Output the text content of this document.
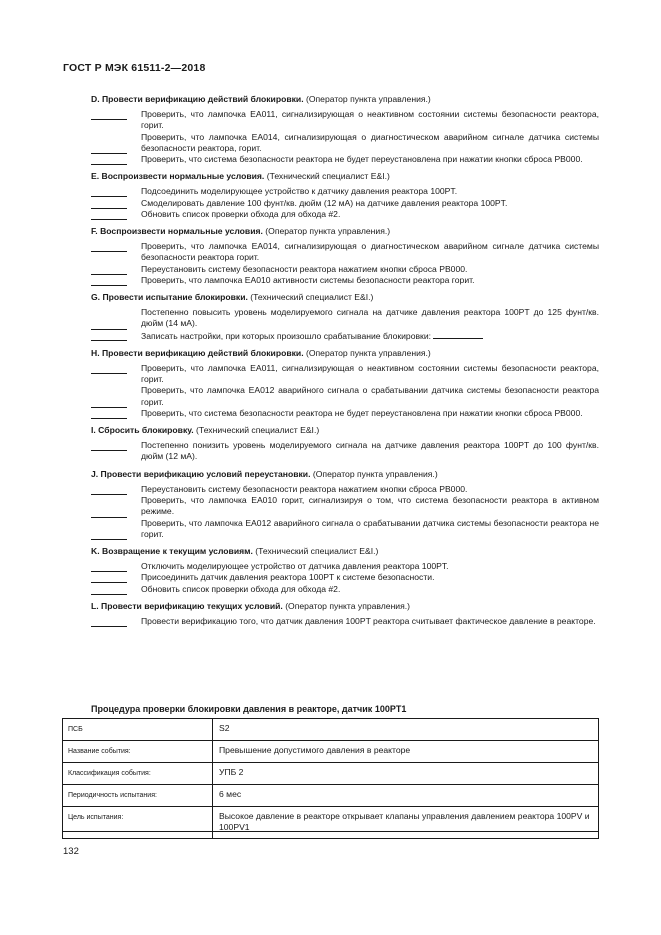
ГОСТ Р МЭК 61511-2—2018
D. Провести верификацию действий блокировки. (Оператор пункта управления.)
Проверить, что лампочка ЕА011, сигнализирующая о неактивном состоянии системы безопасности реактора, горит.
Проверить, что лампочка ЕА014, сигнализирующая о диагностическом аварийном сигнале датчика системы безопасности реактора, горит.
Проверить, что система безопасности реактора не будет переустановлена при нажатии кнопки сброса РВ000.
E. Воспроизвести нормальные условия. (Технический специалист E&I.)
Подсоединить моделирующее устройство к датчику давления реактора 100PT.
Смоделировать давление 100 фунт/кв. дюйм (12 мА) на датчике давления реактора 100PT.
Обновить список проверки обхода для обхода #2.
F. Воспроизвести нормальные условия. (Оператор пункта управления.)
Проверить, что лампочка ЕА014, сигнализирующая о диагностическом аварийном сигнале датчика системы безопасности реактора горит.
Переустановить систему безопасности реактора нажатием кнопки сброса РВ000.
Проверить, что лампочка ЕА010 активности системы безопасности реактора горит.
G. Провести испытание блокировки. (Технический специалист E&I.)
Постепенно повысить уровень моделируемого сигнала на датчике давления реактора 100PT до 125 фунт/кв. дюйм (14 мА).
Записать настройки, при которых произошло срабатывание блокировки:
H. Провести верификацию действий блокировки. (Оператор пункта управления.)
Проверить, что лампочка ЕА011, сигнализирующая о неактивном состоянии системы безопасности реактора, горит.
Проверить, что лампочка ЕА012 аварийного сигнала о срабатывании датчика системы безопасности реактора горит.
Проверить, что система безопасности реактора не будет переустановлена при нажатии кнопки сброса РВ000.
I. Сбросить блокировку. (Технический специалист E&I.)
Постепенно понизить уровень моделируемого сигнала на датчике давления реактора 100PT до 100 фунт/кв. дюйм (12 мА).
J. Провести верификацию условий переустановки. (Оператор пункта управления.)
Переустановить систему безопасности реактора нажатием кнопки сброса РВ000.
Проверить, что лампочка ЕА010 горит, сигнализируя о том, что система безопасности реактора в активном режиме.
Проверить, что лампочка ЕА012 аварийного сигнала о срабатывании датчика системы безопасности реактора не горит.
K. Возвращение к текущим условиям. (Технический специалист E&I.)
Отключить моделирующее устройство от датчика давления реактора 100PT.
Присоединить датчик давления реактора 100PT к системе безопасности.
Обновить список проверки обхода для обхода #2.
L. Провести верификацию текущих условий. (Оператор пункта управления.)
Провести верификацию того, что датчик давления 100PT реактора считывает фактическое давление в реакторе.
Процедура проверки блокировки давления в реакторе, датчик 100PT1
ПСБ	S2
Название события:	Превышение допустимого давления в реакторе
Классификация события:	УПБ 2
Периодичность испытания:	6 мес
Цель испытания:	Высокое давление в реакторе открывает клапаны управления давлением реактора 100PV и 100PV1
132
